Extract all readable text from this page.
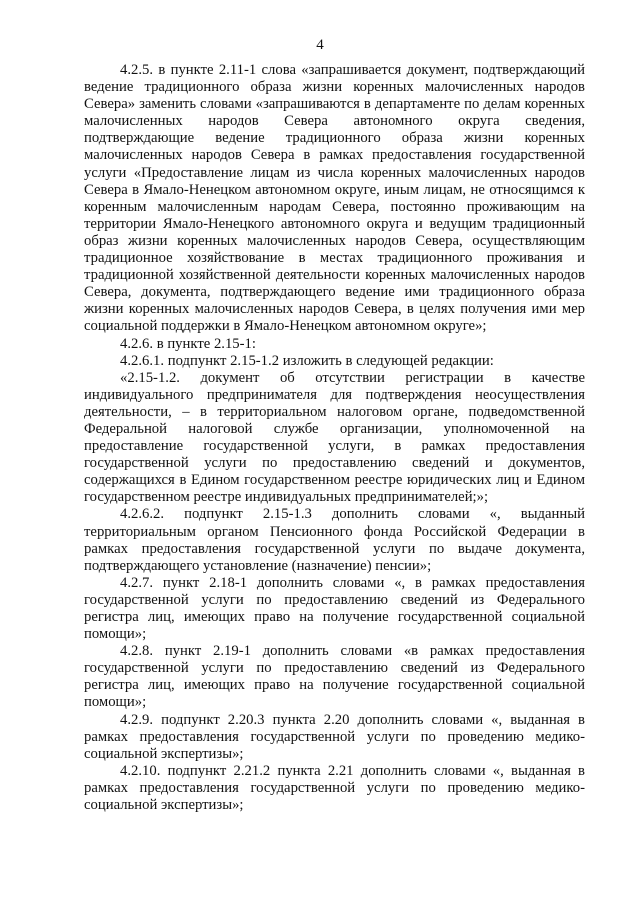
4

4.2.5. в пункте 2.11-1 слова «запрашивается документ, подтверждающий ведение традиционного образа жизни коренных малочисленных народов Севера» заменить словами «запрашиваются в департаменте по делам коренных малочисленных народов Севера автономного округа сведения, подтверждающие ведение традиционного образа жизни коренных малочисленных народов Севера в рамках предоставления государственной услуги «Предоставление лицам из числа коренных малочисленных народов Севера в Ямало-Ненецком автономном округе, иным лицам, не относящимся к коренным малочисленным народам Севера, постоянно проживающим на территории Ямало-Ненецкого автономного округа и ведущим традиционный образ жизни коренных малочисленных народов Севера, осуществляющим традиционное хозяйствование в местах традиционного проживания и традиционной хозяйственной деятельности коренных малочисленных народов Севера, документа, подтверждающего ведение ими традиционного образа жизни коренных малочисленных народов Севера, в целях получения ими мер социальной поддержки в Ямало-Ненецком автономном округе»;

4.2.6. в пункте 2.15-1:

4.2.6.1. подпункт 2.15-1.2 изложить в следующей редакции:

«2.15-1.2. документ об отсутствии регистрации в качестве индивидуального предпринимателя для подтверждения неосуществления деятельности, – в территориальном налоговом органе, подведомственной Федеральной налоговой службе организации, уполномоченной на предоставление государственной услуги, в рамках предоставления государственной услуги по предоставлению сведений и документов, содержащихся в Едином государственном реестре юридических лиц и Едином государственном реестре индивидуальных предпринимателей;»;

4.2.6.2. подпункт 2.15-1.3 дополнить словами «, выданный территориальным органом Пенсионного фонда Российской Федерации в рамках предоставления государственной услуги по выдаче документа, подтверждающего установление (назначение) пенсии»;

4.2.7. пункт 2.18-1 дополнить словами «, в рамках предоставления государственной услуги по предоставлению сведений из Федерального регистра лиц, имеющих право на получение государственной социальной помощи»;

4.2.8. пункт 2.19-1 дополнить словами «в рамках предоставления государственной услуги по предоставлению сведений из Федерального регистра лиц, имеющих право на получение государственной социальной помощи»;

4.2.9. подпункт 2.20.3 пункта 2.20 дополнить словами «, выданная в рамках предоставления государственной услуги по проведению медико-социальной экспертизы»;

4.2.10. подпункт 2.21.2 пункта 2.21 дополнить словами «, выданная в рамках предоставления государственной услуги по проведению медико-социальной экспертизы»;
